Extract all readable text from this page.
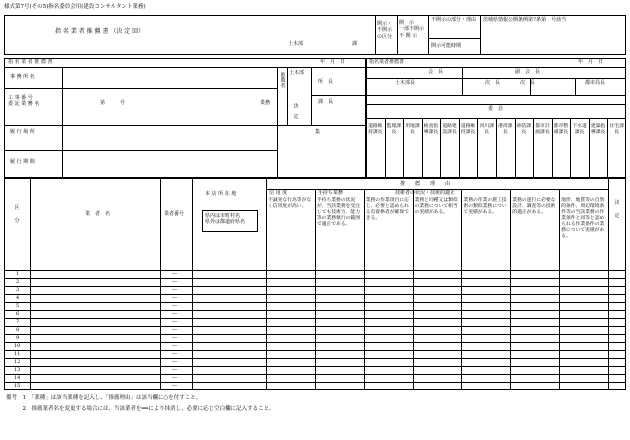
様式第7号(その5)指名委員会用(建設コンサルタント業務)
指 名 業 者 推 薦 書 （決 定 回）
土木部	課
開示・不開示の区分
開　示
一部不開示
不 開 示
不開示の部分・理由
開示可能時期
茨城県情報公開条例第7条第　号該当
指 名 業 者 推 薦 書	年　月　日
事 務 所 名
工 事 番 号
委 託 業 務 名	第　　　号	業務
履 行 場 所
履 行 期 間
推薦者 土木部
決　定
所　長
課　長
集
指名業者推薦書	年　月　日
会　長	副　会　長
土木部長	次　長	次　長	都市局長
委　員
道路維持課長
監理課長
用地課長
検査指導課長
道路建設課長
道路維持課長
河川課長
港湾課長
砂防課長
都市計画課長
都市整備課長
下水道課長
建築指導課長
住宅課長
区

分
業　者　名	業者番号
本 店 所 在 地
県内は市町村名
県外は都道府県名
推　　薦　　理　　由
技術者の状況・技術的適正
決

定
信 用 度
不誠実な行為等がなく信用度が高い。
手持ち業務
手持ち業務の状況が、当該業務を受注しても技術力、能力等の業務執行の範囲で適正である。
業務の作業項目に応じ、必要と認められる有資格者が確保できる。
業務と同種又は類似の業務について相当の実績がある。
業務の作業の施工技術の類似業務について実績がある。
業務の遂行に必要な設計、調査等の技術的適正がある。
地形、地質等の自然的条件、周辺環境条件等の当該業務の作業条件と同等と認められる作業条件の業務について実績がある。
1	―
2	―
3	―
4	―
5	―
6	―
7	―
8	―
9	―
10	―
11	―
12	―
13	―
14	―
15	―
備考　1　「業種」は該当業種を記入し、「推薦理由」は該当欄に○を付すこと。
　　　2　推薦業者名を変更する場合には、当該業者を━━により抹消し、必要に応じ空白欄に記入すること。
